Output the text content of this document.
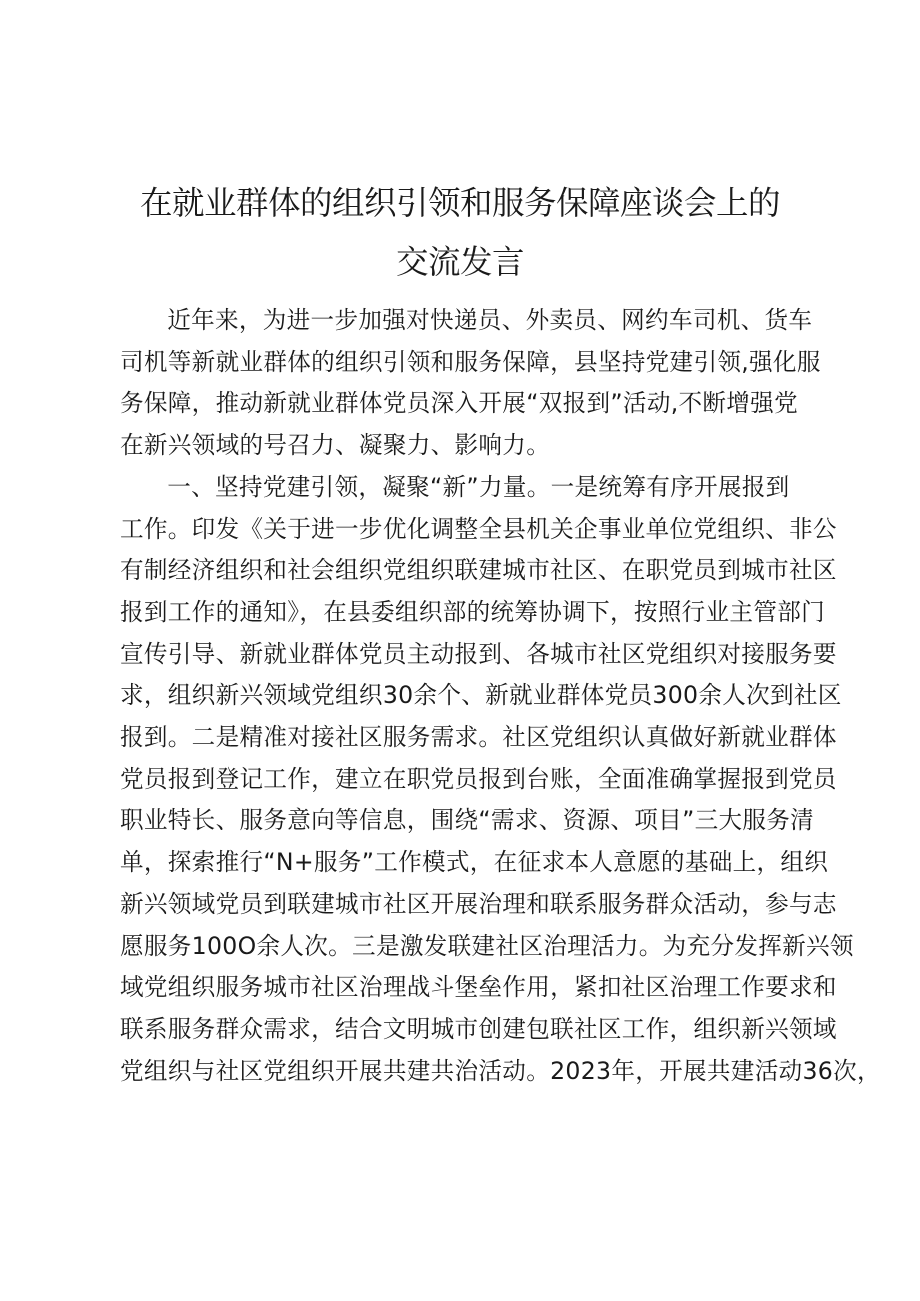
在就业群体的组织引领和服务保障座谈会上的
交流发言

近年来，为进一步加强对快递员、外卖员、网约车司机、货车
司机等新就业群体的组织引领和服务保障，县坚持党建引领,强化服
务保障，推动新就业群体党员深入开展“双报到”活动,不断增强党
在新兴领域的号召力、凝聚力、影响力。

一、坚持党建引领，凝聚“新”力量。一是统筹有序开展报到
工作。印发《关于进一步优化调整全县机关企事业单位党组织、非公
有制经济组织和社会组织党组织联建城市社区、在职党员到城市社区
报到工作的通知》，在县委组织部的统筹协调下，按照行业主管部门
宣传引导、新就业群体党员主动报到、各城市社区党组织对接服务要
求，组织新兴领域党组织30余个、新就业群体党员300余人次到社区
报到。二是精准对接社区服务需求。社区党组织认真做好新就业群体
党员报到登记工作，建立在职党员报到台账，全面准确掌握报到党员
职业特长、服务意向等信息，围绕“需求、资源、项目”三大服务清
单，探索推行“N+服务”工作模式，在征求本人意愿的基础上，组织
新兴领域党员到联建城市社区开展治理和联系服务群众活动，参与志
愿服务100O余人次。三是激发联建社区治理活力。为充分发挥新兴领
域党组织服务城市社区治理战斗堡垒作用，紧扣社区治理工作要求和
联系服务群众需求，结合文明城市创建包联社区工作，组织新兴领域
党组织与社区党组织开展共建共治活动。2023年，开展共建活动36次，
